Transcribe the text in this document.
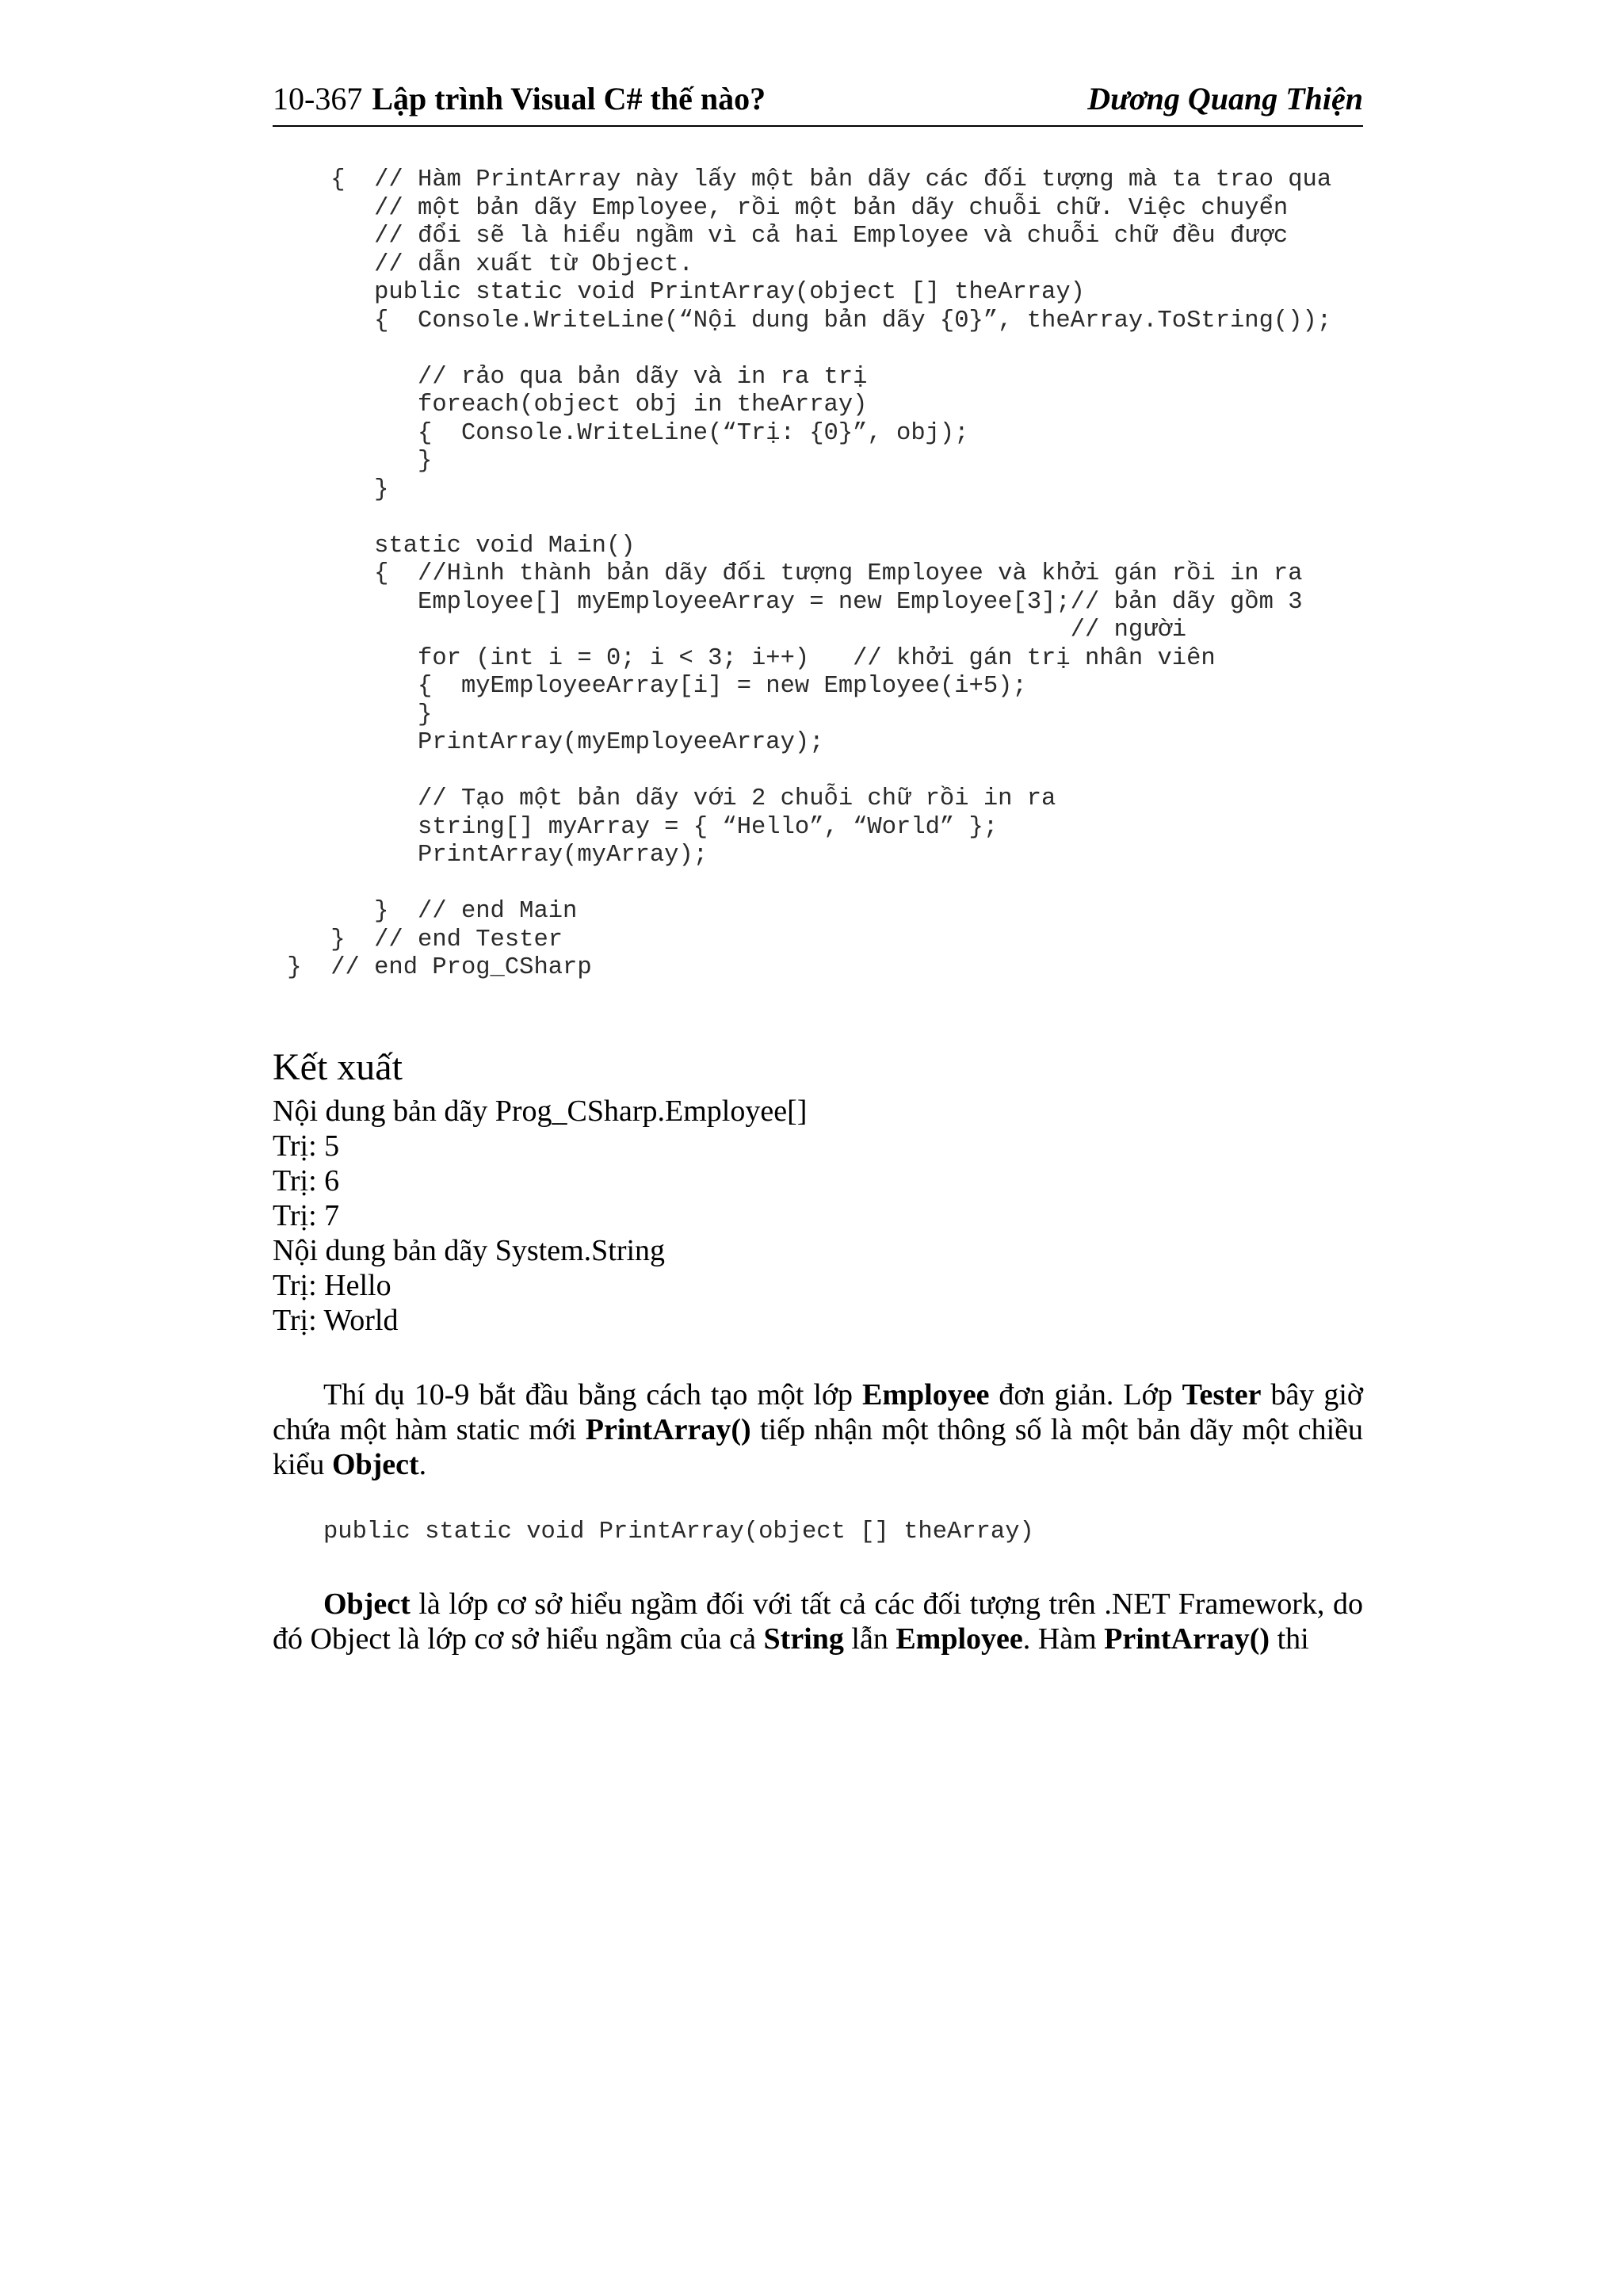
10-367 Lập trình Visual C# thế nào?	Dương Quang Thiện
{  // Hàm PrintArray này lấy một bản dãy các đối tượng mà ta trao qua
// một bản dãy Employee, rồi một bản dãy chuỗi chữ. Việc chuyển
// đổi sẽ là hiểu ngầm vì cả hai Employee và chuỗi chữ đều được
// dẫn xuất từ Object.
public static void PrintArray(object [] theArray)
{  Console.WriteLine(“Nội dung bản dãy {0}”, theArray.ToString());
// rảo qua bản dãy và in ra trị
foreach(object obj in theArray)
{  Console.WriteLine(“Trị: {0}”, obj);
}
}
static void Main()
{  //Hình thành bản dãy đối tượng Employee và khởi gán rồi in ra
Employee[] myEmployeeArray = new Employee[3];// bản dãy gồm 3
// người
for (int i = 0; i < 3; i++)   // khởi gán trị nhân viên
{  myEmployeeArray[i] = new Employee(i+5);
}
PrintArray(myEmployeeArray);
// Tạo một bản dãy với 2 chuỗi chữ rồi in ra
string[] myArray = { “Hello”, “World” };
PrintArray(myArray);
}  // end Main
}  // end Tester
}  // end Prog_CSharp
Kết xuất
Nội dung bản dãy Prog_CSharp.Employee[]
Trị: 5
Trị: 6
Trị: 7
Nội dung bản dãy System.String
Trị: Hello
Trị: World

Thí dụ 10-9 bắt đầu bằng cách tạo một lớp Employee đơn giản. Lớp Tester bây giờ chứa một hàm static mới PrintArray() tiếp nhận một thông số là một bản dãy một chiều kiểu Object.

public static void PrintArray(object [] theArray)

Object là lớp cơ sở hiểu ngầm đối với tất cả các đối tượng trên .NET Framework, do đó Object là lớp cơ sở hiểu ngầm của cả String lẫn Employee. Hàm PrintArray() thi
